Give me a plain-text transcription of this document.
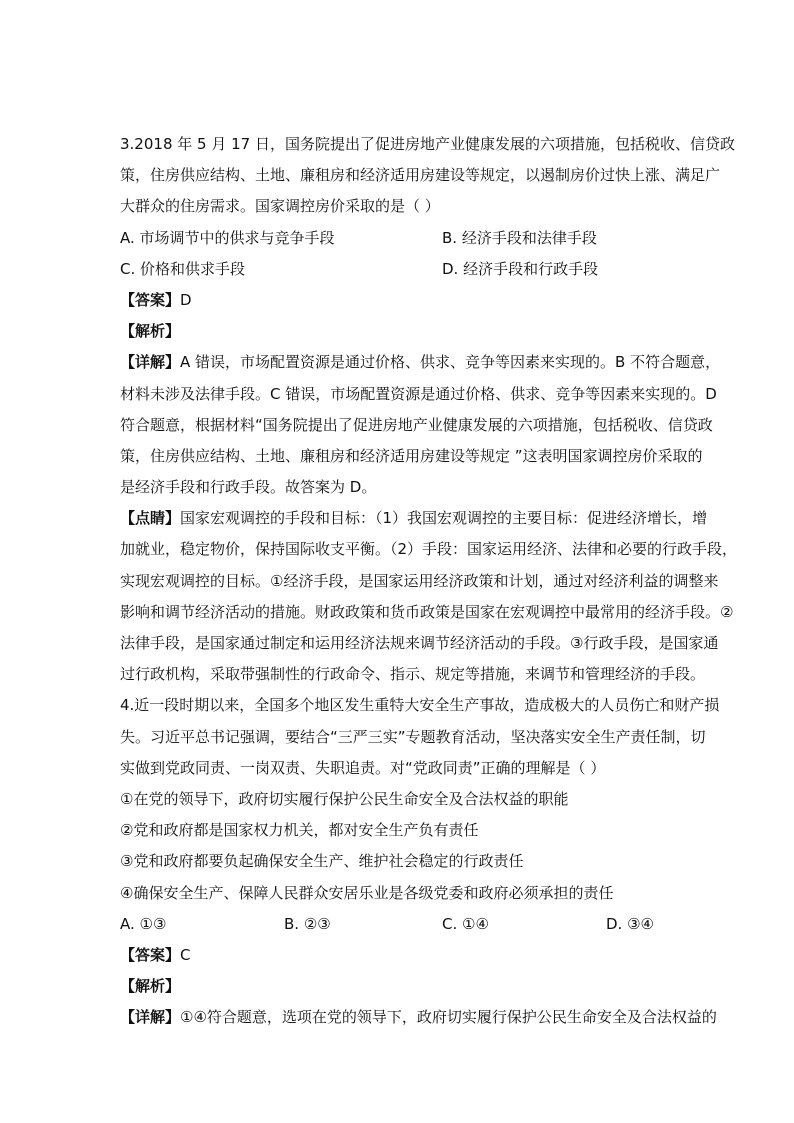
3.2018 年 5 月 17 日，国务院提出了促进房地产业健康发展的六项措施，包括税收、信贷政
策，住房供应结构、土地、廉租房和经济适用房建设等规定，以遏制房价过快上涨、满足广
大群众的住房需求。国家调控房价采取的是（ ）
A. 市场调节中的供求与竞争手段	B. 经济手段和法律手段
C. 价格和供求手段	D. 经济手段和行政手段
【答案】D
【解析】
【详解】A 错误，市场配置资源是通过价格、供求、竞争等因素来实现的。B 不符合题意，
材料未涉及法律手段。C 错误，市场配置资源是通过价格、供求、竞争等因素来实现的。D
符合题意，根据材料“国务院提出了促进房地产业健康发展的六项措施，包括税收、信贷政
策，住房供应结构、土地、廉租房和经济适用房建设等规定 ”这表明国家调控房价采取的
是经济手段和行政手段。故答案为 D。
【点睛】国家宏观调控的手段和目标：（1）我国宏观调控的主要目标：促进经济增长，增
加就业，稳定物价，保持国际收支平衡。（2）手段：国家运用经济、法律和必要的行政手段，
实现宏观调控的目标。①经济手段，是国家运用经济政策和计划，通过对经济利益的调整来
影响和调节经济活动的措施。财政政策和货币政策是国家在宏观调控中最常用的经济手段。②
法律手段，是国家通过制定和运用经济法规来调节经济活动的手段。③行政手段，是国家通
过行政机构，采取带强制性的行政命令、指示、规定等措施，来调节和管理经济的手段。
4.近一段时期以来，全国多个地区发生重特大安全生产事故，造成极大的人员伤亡和财产损
失。习近平总书记强调，要结合“三严三实”专题教育活动，坚决落实安全生产责任制，切
实做到党政同责、一岗双责、失职追责。对“党政同责”正确的理解是（ ）
①在党的领导下，政府切实履行保护公民生命安全及合法权益的职能
②党和政府都是国家权力机关，都对安全生产负有责任
③党和政府都要负起确保安全生产、维护社会稳定的行政责任
④确保安全生产、保障人民群众安居乐业是各级党委和政府必须承担的责任
A. ①③	B. ②③	C. ①④	D. ③④
【答案】C
【解析】
【详解】①④符合题意，选项在党的领导下，政府切实履行保护公民生命安全及合法权益的
